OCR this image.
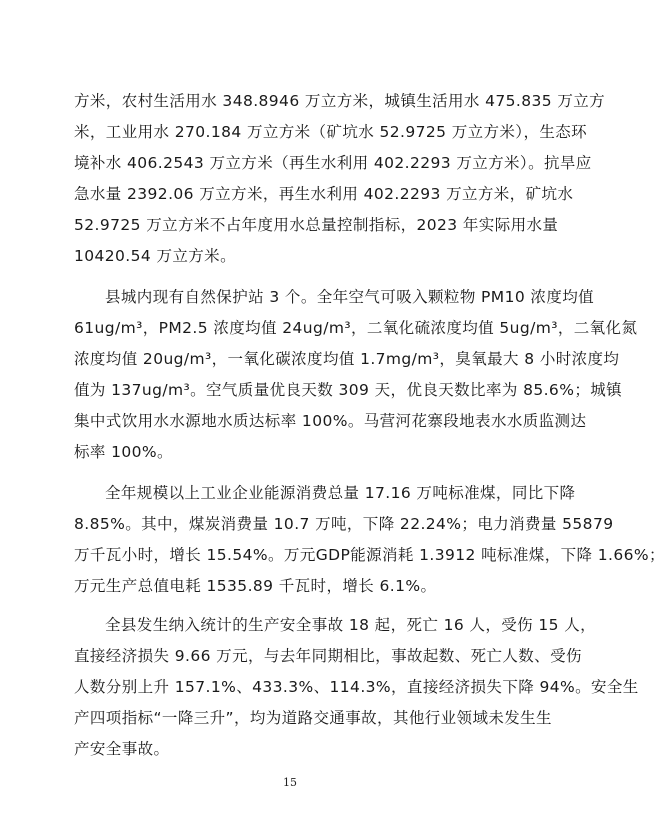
方米，农村生活用水 348.8946 万立方米，城镇生活用水 475.835 万立方
米，工业用水 270.184 万立方米（矿坑水 52.9725 万立方米），生态环
境补水 406.2543 万立方米（再生水利用 402.2293 万立方米）。抗旱应
急水量 2392.06 万立方米，再生水利用 402.2293 万立方米，矿坑水
52.9725 万立方米不占年度用水总量控制指标，2023 年实际用水量
10420.54 万立方米。
县城内现有自然保护站 3 个。全年空气可吸入颗粒物 PM10 浓度均值
61ug/m³，PM2.5 浓度均值 24ug/m³，二氧化硫浓度均值 5ug/m³，二氧化氮
浓度均值 20ug/m³，一氧化碳浓度均值 1.7mg/m³，臭氧最大 8 小时浓度均
值为 137ug/m³。空气质量优良天数 309 天，优良天数比率为 85.6%；城镇
集中式饮用水水源地水质达标率 100%。马营河花寨段地表水水质监测达
标率 100%。
全年规模以上工业企业能源消费总量 17.16 万吨标准煤，同比下降
8.85%。其中，煤炭消费量 10.7 万吨，下降 22.24%；电力消费量 55879
万千瓦小时，增长 15.54%。万元GDP能源消耗 1.3912 吨标准煤，下降 1.66%；
万元生产总值电耗 1535.89 千瓦时，增长 6.1%。
全县发生纳入统计的生产安全事故 18 起，死亡 16 人，受伤 15 人，
直接经济损失 9.66 万元，与去年同期相比，事故起数、死亡人数、受伤
人数分别上升 157.1%、433.3%、114.3%，直接经济损失下降 94%。安全生
产四项指标“一降三升”，均为道路交通事故，其他行业领域未发生生
产安全事故。
15
